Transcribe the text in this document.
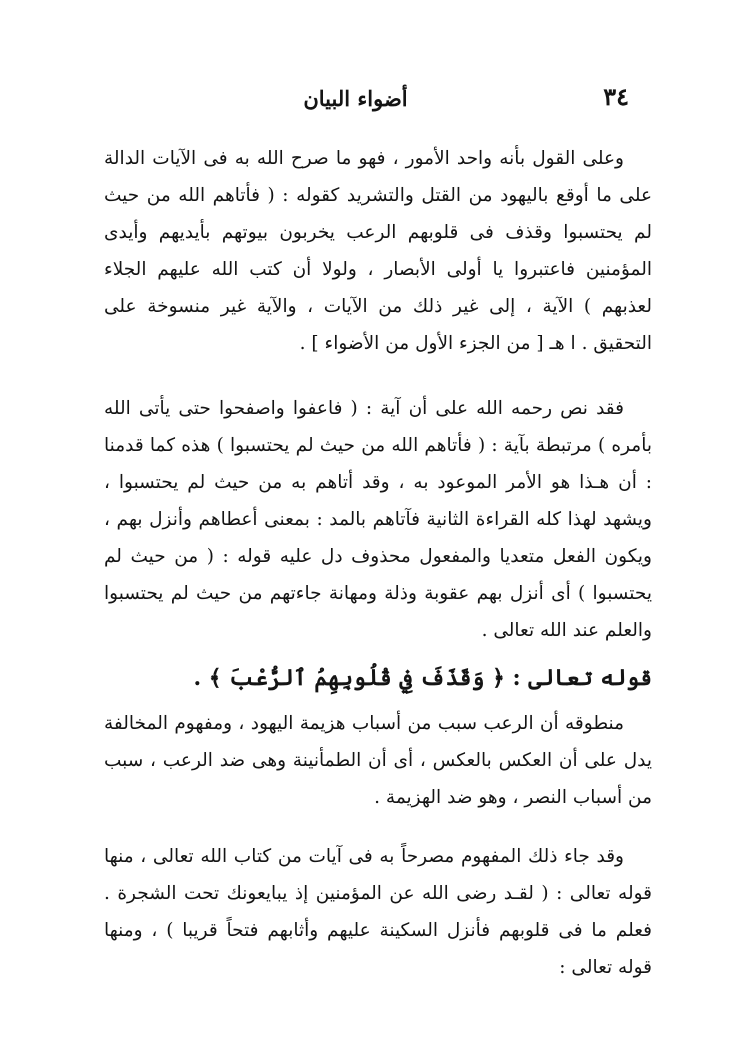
٣٤
أضواء البيان

وعلى القول بأنه واحد الأمور ، فهو ما صرح الله به فى الآيات الدالة على ما أوقع باليهود من القتل والتشريد كقوله : ( فأتاهم الله من حيث لم يحتسبوا وقذف فى قلوبهم الرعب يخربون بيوتهم بأيديهم وأيدى المؤمنين فاعتبروا يا أولى الأبصار ، ولولا أن كتب الله عليهم الجلاء لعذبهم ) الآية ، إلى غير ذلك من الآيات ، والآية غير منسوخة على التحقيق . ا هـ [ من الجزء الأول من الأضواء ] .

فقد نص رحمه الله على أن آية : ( فاعفوا واصفحوا حتى يأتى الله بأمره ) مرتبطة بآية : ( فأتاهم الله من حيث لم يحتسبوا ) هذه كما قدمنا : أن هـذا هو الأمر الموعود به ، وقد أتاهم به من حيث لم يحتسبوا ، ويشهد لهذا كله القراءة الثانية فآتاهم بالمد : بمعنى أعطاهم وأنزل بهم ، ويكون الفعل متعديا والمفعول محذوف دل عليه قوله : ( من حيث لم يحتسبوا ) أى أنزل بهم عقوبة وذلة ومهانة جاءتهم من حيث لم يحتسبوا والعلم عند الله تعالى .

قوله تعالى : ﴿ وَقَذَفَ فِي قُلُوبِهِمُ ٱلرُّعْبَ ﴾ .

منطوقه أن الرعب سبب من أسباب هزيمة اليهود ، ومفهوم المخالفة يدل على أن العكس بالعكس ، أى أن الطمأنينة وهى ضد الرعب ، سبب من أسباب النصر ، وهو ضد الهزيمة .

وقد جاء ذلك المفهوم مصرحاً به فى آيات من كتاب الله تعالى ، منها قوله تعالى : ( لقـد رضى الله عن المؤمنين إذ يبايعونك تحت الشجرة . فعلم ما فى قلوبهم فأنزل السكينة عليهم وأثابهم فتحاً قريبا ) ، ومنها قوله تعالى :
